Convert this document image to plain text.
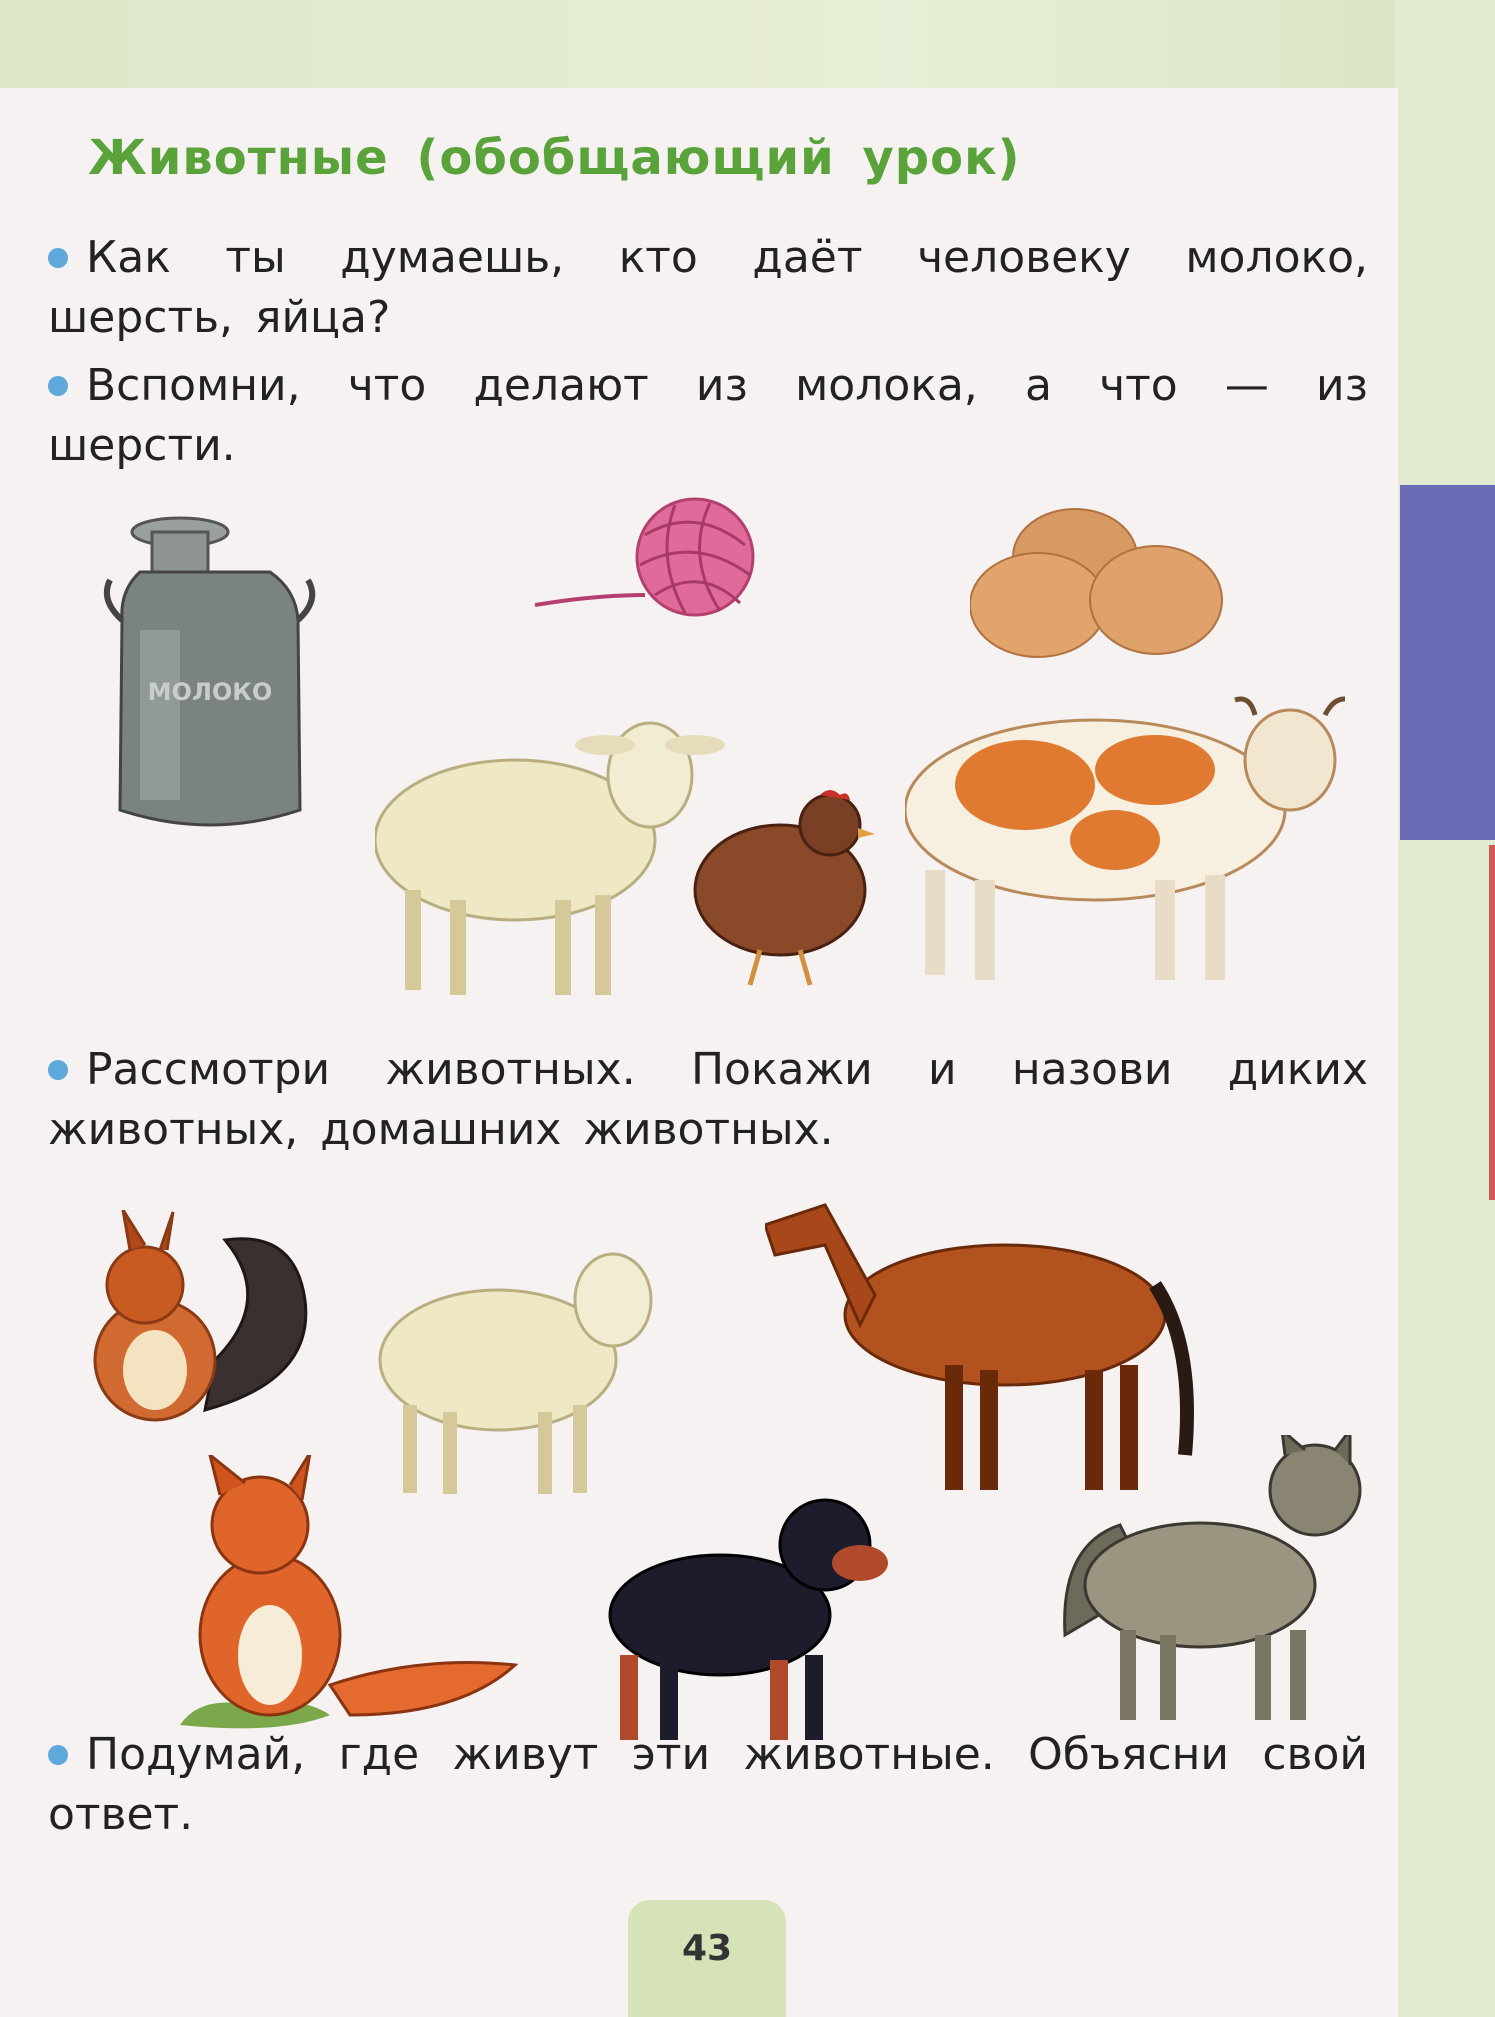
Животные (обобщающий урок)
Как ты думаешь, кто даёт человеку молоко, шерсть, яйца?
Вспомни, что делают из молока, а что — из шерсти.
МОЛОКО
Рассмотри животных. Покажи и назови диких животных, домашних животных.
Подумай, где живут эти животные. Объясни свой ответ.
43
